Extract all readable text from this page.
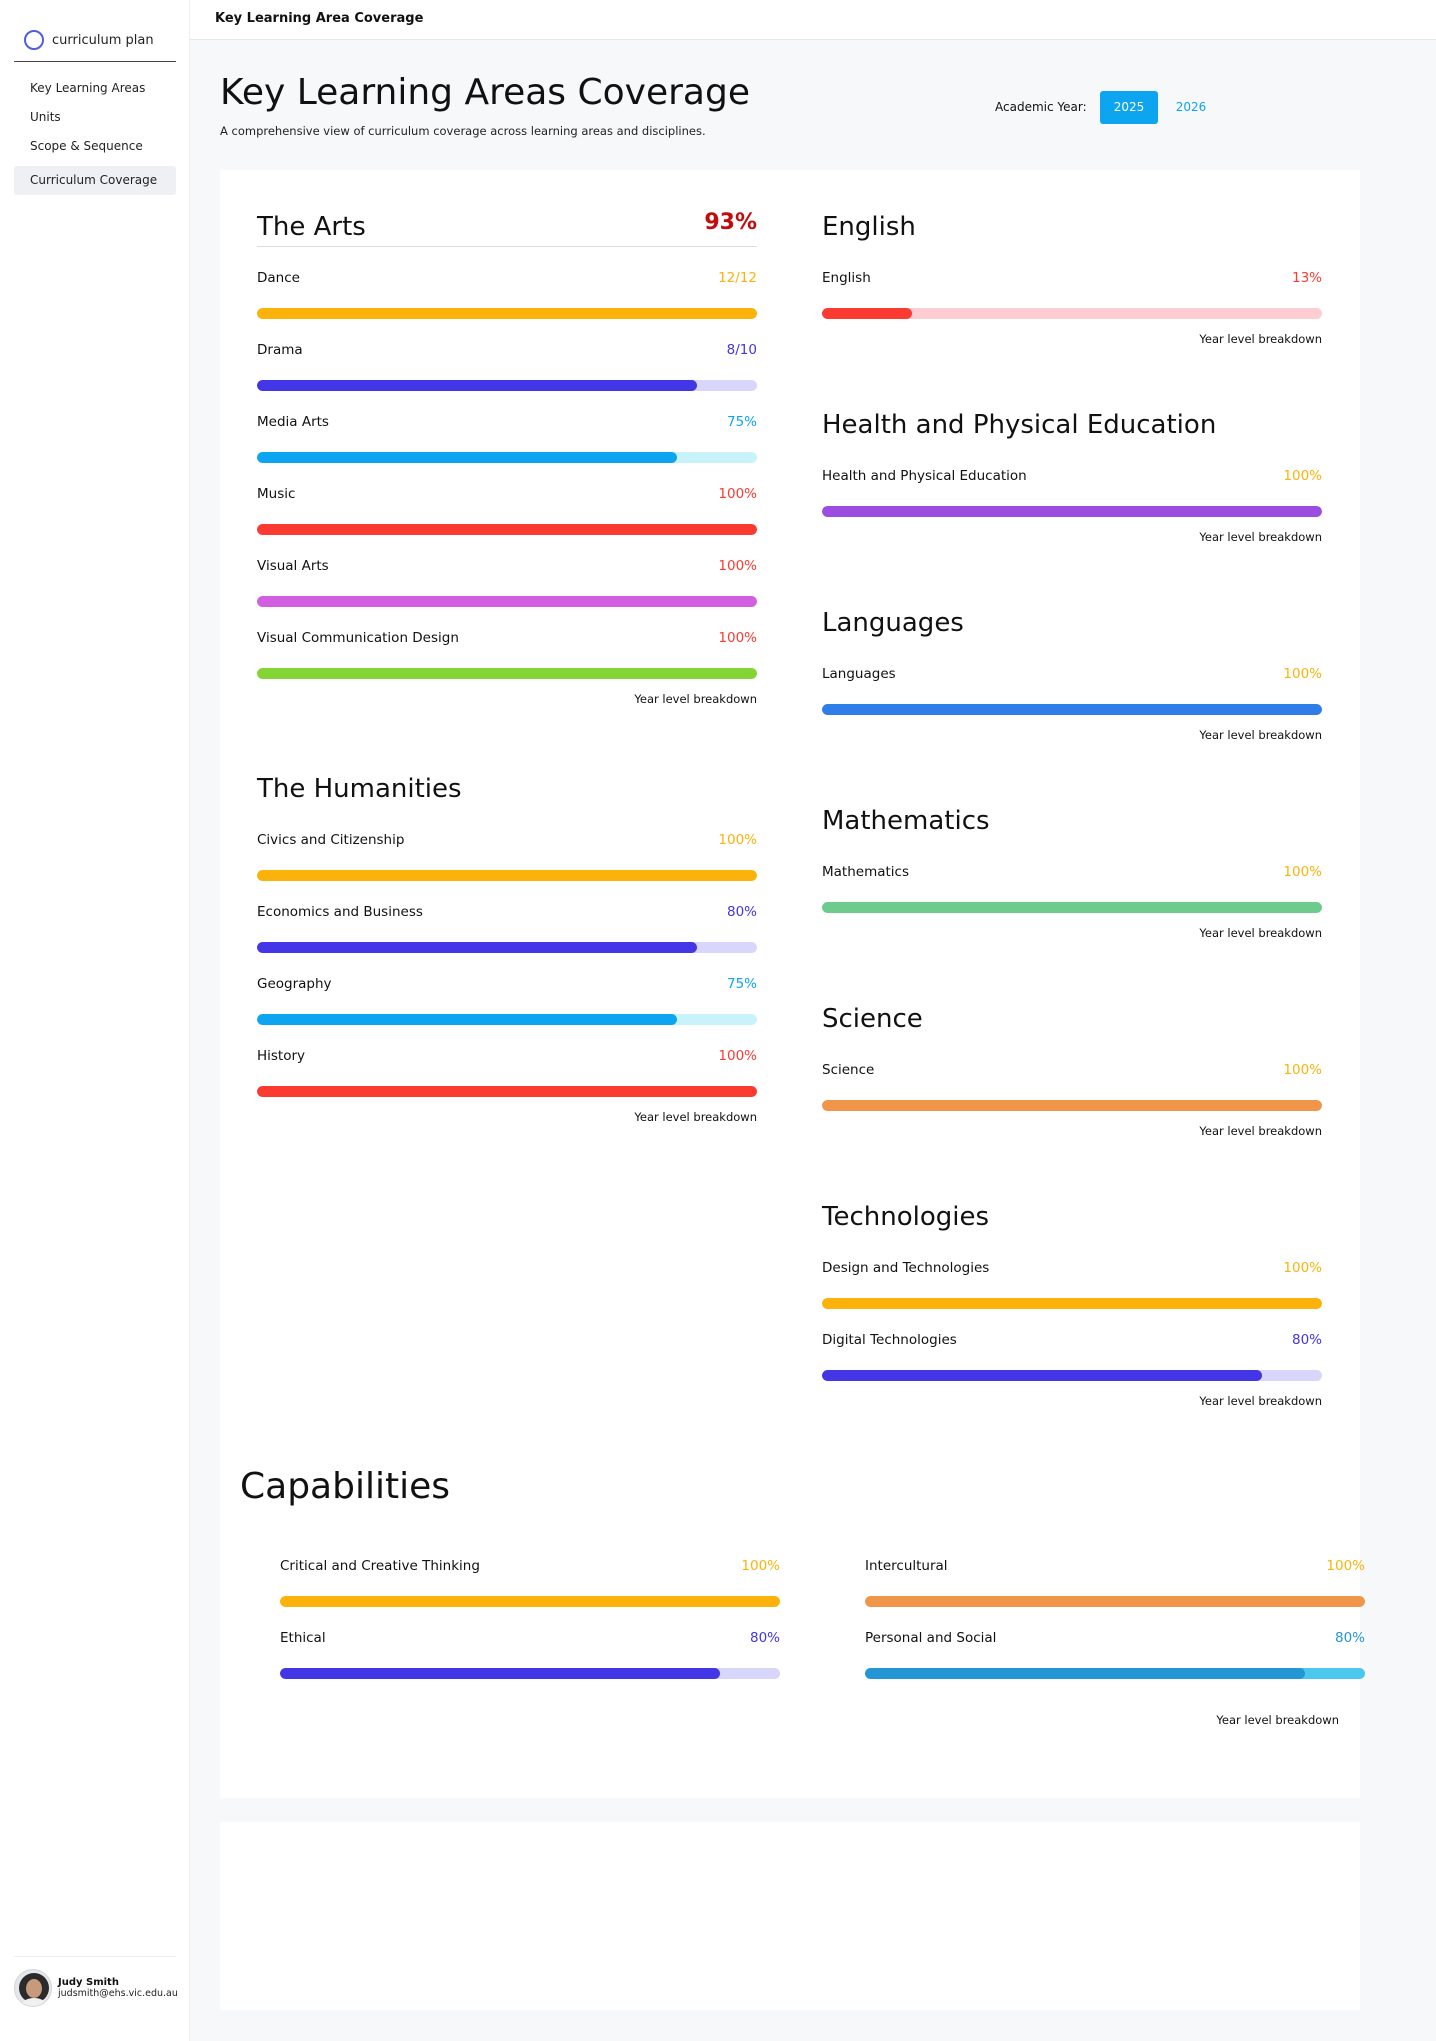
curriculum plan
Key Learning Areas
Units
Scope & Sequence
Curriculum Coverage
Judy Smith
judsmith@ehs.vic.edu.au
Key Learning Area Coverage
Key Learning Areas Coverage

A comprehensive view of curriculum coverage across learning areas and disciplines.

Academic Year:	2025	2026
The Arts	93%
Dance	12/12
Drama	8/10
Media Arts	75%
Music	100%
Visual Arts	100%
Visual Communication Design	100%
Year level breakdown
The Humanities
Civics and Citizenship	100%
Economics and Business	80%
Geography	75%
History	100%
Year level breakdown
English
English	13%
Year level breakdown
Health and Physical Education
Health and Physical Education	100%
Year level breakdown
Languages
Languages	100%
Year level breakdown
Mathematics
Mathematics	100%
Year level breakdown
Science
Science	100%
Year level breakdown
Technologies
Design and Technologies	100%
Digital Technologies	80%
Year level breakdown
Capabilities
Critical and Creative Thinking	100%
Ethical	80%
Intercultural	100%
Personal and Social	80%
Year level breakdown
